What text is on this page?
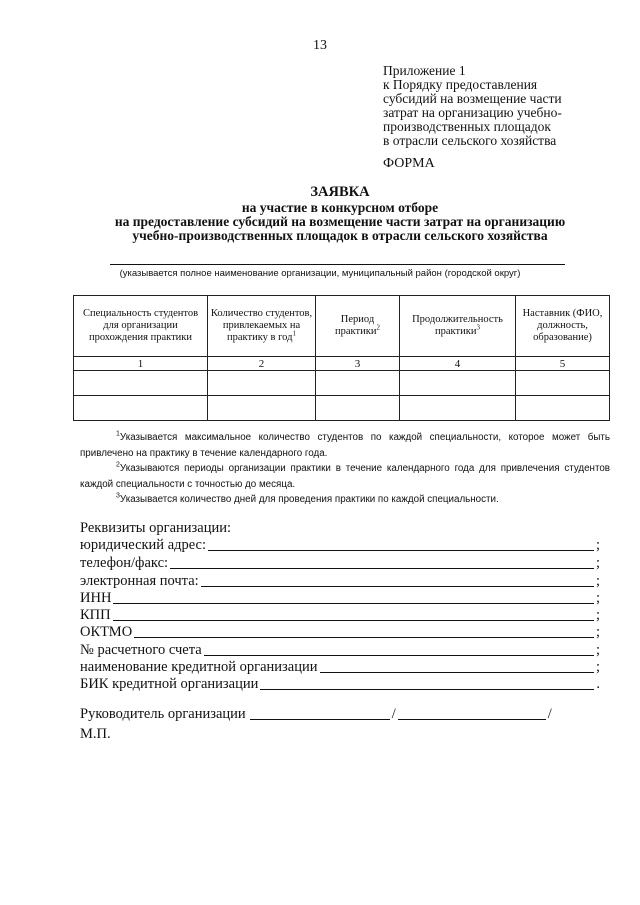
13
Приложение 1
к Порядку предоставления
субсидий на возмещение части
затрат на организацию учебно-
производственных площадок
в отрасли сельского хозяйства
ФОРМА
ЗАЯВКА
на участие в конкурсном отборе
на предоставление субсидий на возмещение части затрат на организацию
учебно-производственных площадок в отрасли сельского хозяйства
(указывается полное наименование организации, муниципальный район (городской округ)
Специальность студентов для организации прохождения практики	Количество студентов, привлекаемых на практику в год$^1$	Период практики$^2$	Продолжительность практики$^3$	Наставник (ФИО, должность, образование)
1	2	3	4	5

$^1$Указывается максимальное количество студентов по каждой специальности, которое может быть привлечено на практику в течение календарного года.
$^2$Указываются периоды организации практики в течение календарного года для привлечения студентов каждой специальности с точностью до месяца.
$^3$Указывается количество дней для проведения практики по каждой специальности.
Реквизиты организации:
юридический адрес:	;
телефон/факс:	;
электронная почта:	;
ИНН	;
КПП	;
ОКТМО	;
№ расчетного счета	;
наименование кредитной организации	;
БИК кредитной организации	.
Руководитель организации	/	/
М.П.
